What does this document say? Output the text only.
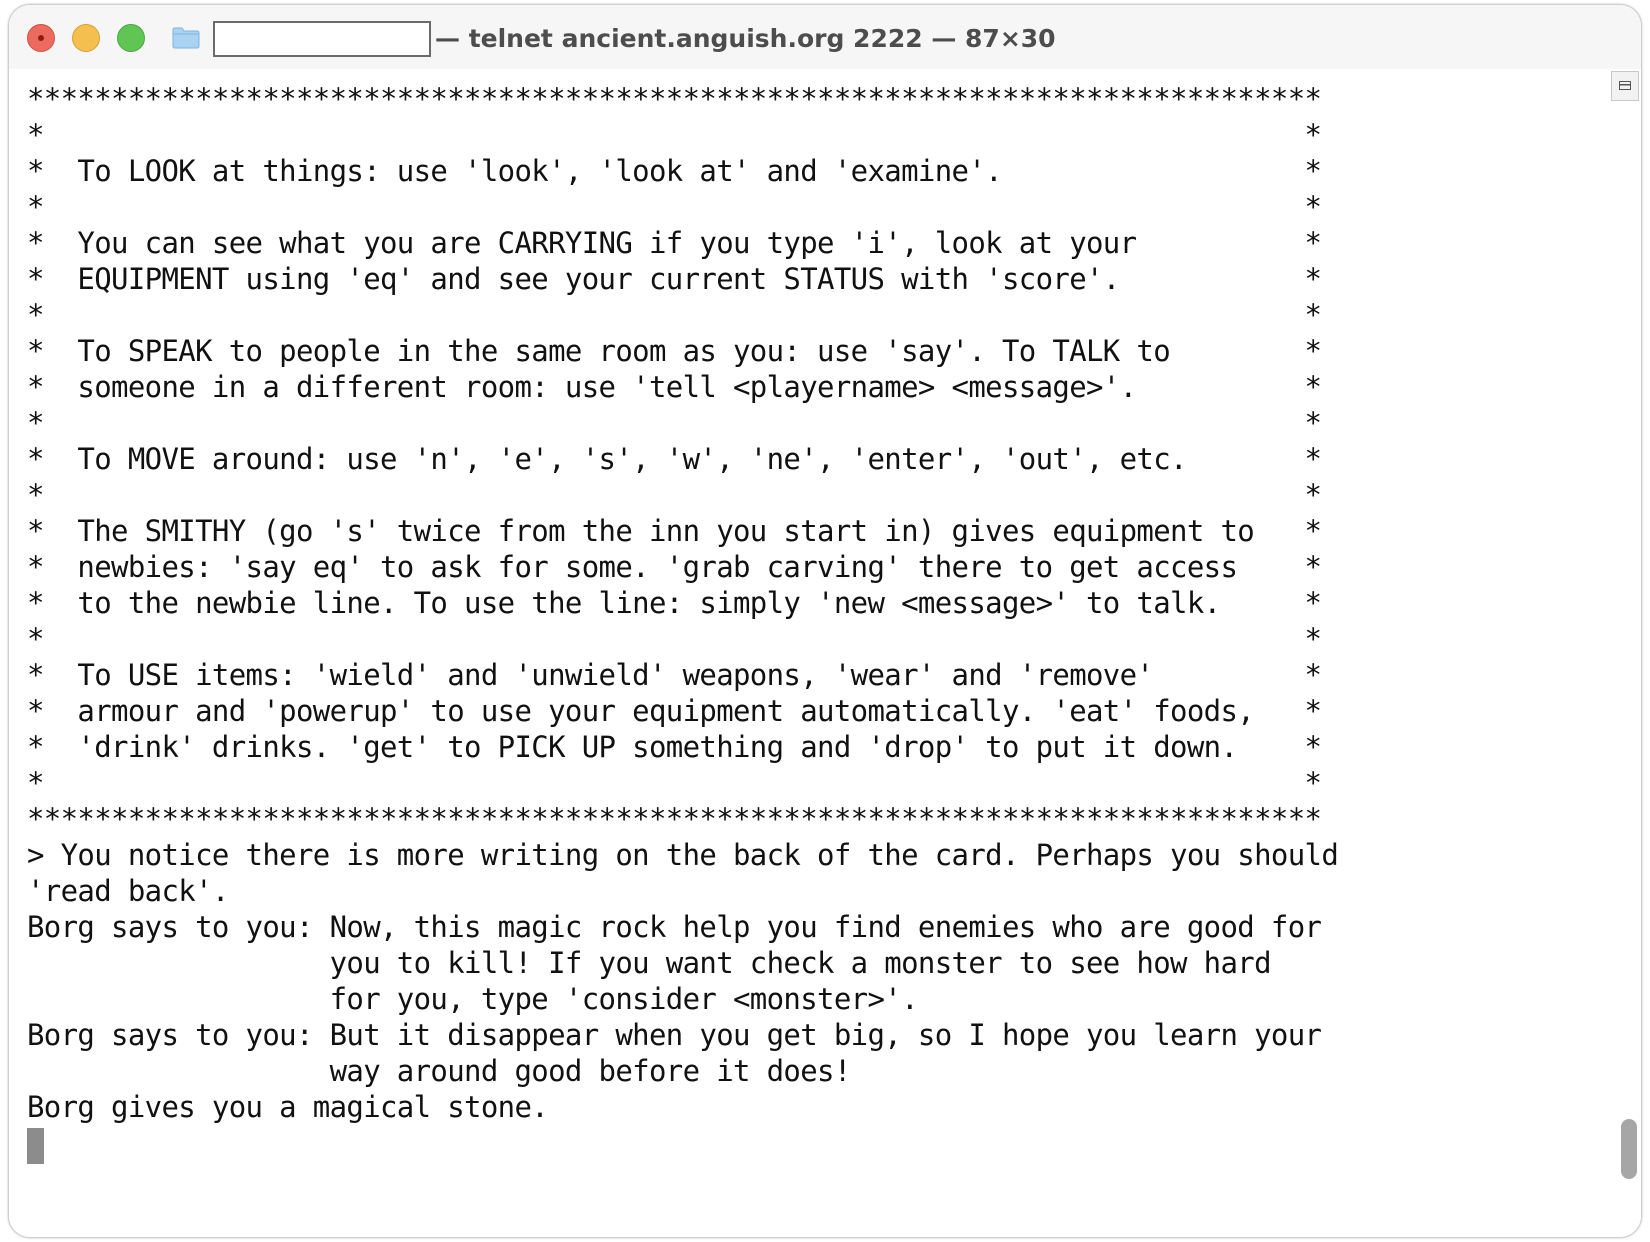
— telnet ancient.anguish.org 2222 — 87×30
*****************************************************************************
*                                                                           *
*  To LOOK at things: use 'look', 'look at' and 'examine'.                  *
*                                                                           *
*  You can see what you are CARRYING if you type 'i', look at your          *
*  EQUIPMENT using 'eq' and see your current STATUS with 'score'.           *
*                                                                           *
*  To SPEAK to people in the same room as you: use 'say'. To TALK to        *
*  someone in a different room: use 'tell <playername> <message>'.          *
*                                                                           *
*  To MOVE around: use 'n', 'e', 's', 'w', 'ne', 'enter', 'out', etc.       *
*                                                                           *
*  The SMITHY (go 's' twice from the inn you start in) gives equipment to   *
*  newbies: 'say eq' to ask for some. 'grab carving' there to get access    *
*  to the newbie line. To use the line: simply 'new <message>' to talk.     *
*                                                                           *
*  To USE items: 'wield' and 'unwield' weapons, 'wear' and 'remove'         *
*  armour and 'powerup' to use your equipment automatically. 'eat' foods,   *
*  'drink' drinks. 'get' to PICK UP something and 'drop' to put it down.    *
*                                                                           *
*****************************************************************************
> You notice there is more writing on the back of the card. Perhaps you should
'read back'.
Borg says to you: Now, this magic rock help you find enemies who are good for
you to kill! If you want check a monster to see how hard
for you, type 'consider <monster>'.
Borg says to you: But it disappear when you get big, so I hope you learn your
way around good before it does!
Borg gives you a magical stone.
